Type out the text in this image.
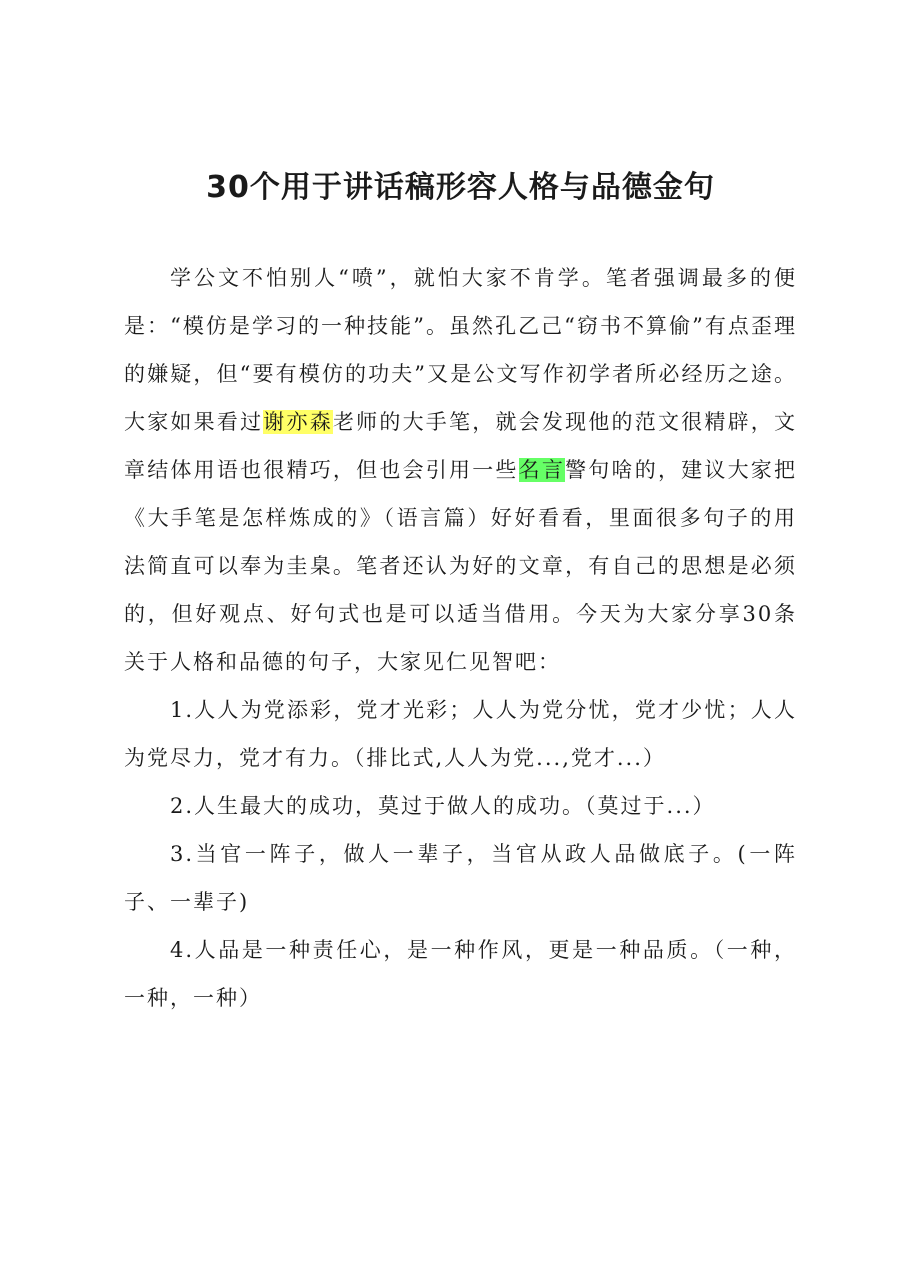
30个用于讲话稿形容人格与品德金句

学公文不怕别人“喷”，就怕大家不肯学。笔者强调最多的便是：“模仿是学习的一种技能”。虽然孔乙己“窃书不算偷”有点歪理的嫌疑，但“要有模仿的功夫”又是公文写作初学者所必经历之途。大家如果看过谢亦森老师的大手笔，就会发现他的范文很精辟，文章结体用语也很精巧，但也会引用一些名言警句啥的，建议大家把《大手笔是怎样炼成的》（语言篇）好好看看，里面很多句子的用法简直可以奉为圭臬。笔者还认为好的文章，有自己的思想是必须的，但好观点、好句式也是可以适当借用。今天为大家分享30条关于人格和品德的句子，大家见仁见智吧：

1.人人为党添彩，党才光彩；人人为党分忧，党才少忧；人人为党尽力，党才有力。（排比式,人人为党...,党才...）

2.人生最大的成功，莫过于做人的成功。（莫过于...）

3.当官一阵子，做人一辈子，当官从政人品做底子。(一阵子、一辈子)

4.人品是一种责任心，是一种作风，更是一种品质。（一种，一种，一种）
